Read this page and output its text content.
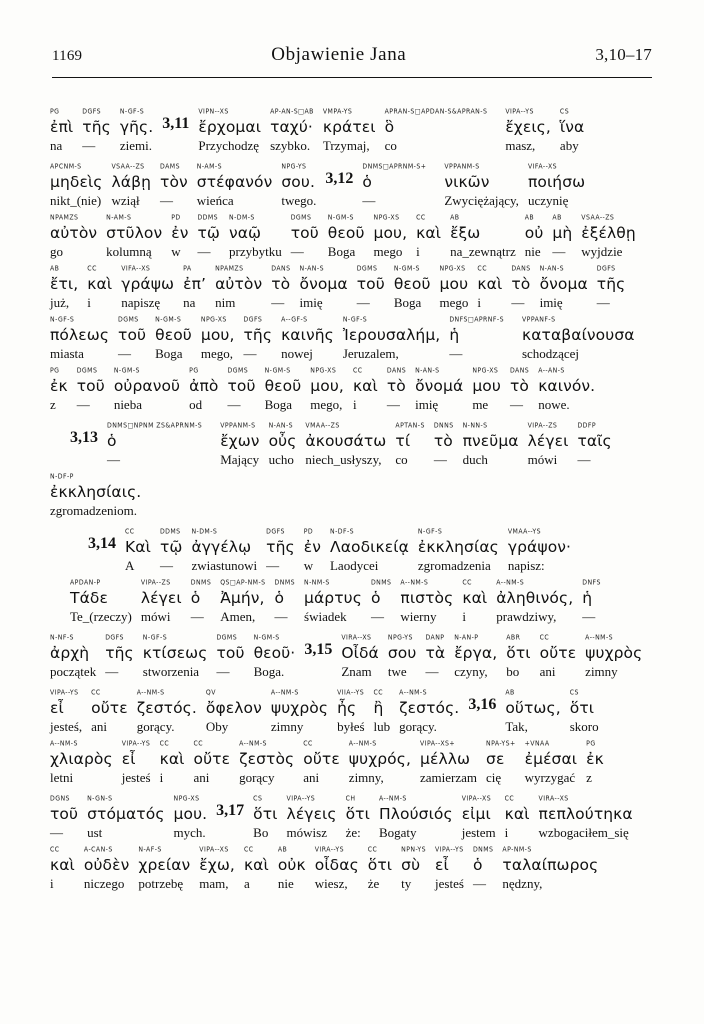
1169	Objawienie Jana	3,10–17
PG
ἐπὶ
na
DGFS
τῆς
—
N-GF-S
γῆς.
ziemi.
3,11
VIPN--XS
ἔρχομαι
Przychodzę
AP-AN-S□AB
ταχύ·
szybko.
VMPA-YS
κράτει
Trzymaj,
APRAN-S□APDAN-S&APRAN-S
ὃ
co
VIPA--YS
ἔχεις,
masz,
CS
ἵνα
aby
APCNM-S
μηδεὶς
nikt_(nie)
VSAA--ZS
λάβῃ
wziął
DAMS
τὸν
—
N-AM-S
στέφανόν
wieńca
NPG-YS
σου.
twego.
3,12
DNMS□APRNM-S+
ὁ
—
VPPANM-S
νικῶν
Zwyciężający,
VIFA--XS
ποιήσω
uczynię
NPAMZS
αὐτὸν
go
N-AM-S
στῦλον
kolumną
PD
ἐν
w
DDMS
τῷ
—
N-DM-S
ναῷ
przybytku
DGMS
τοῦ
—
N-GM-S
θεοῦ
Boga
NPG-XS
μου,
mego
CC
καὶ
i
AB
ἔξω
na_zewnątrz
AB
οὐ
nie
AB
μὴ
—
VSAA--ZS
ἐξέλθῃ
wyjdzie
AB
ἔτι,
już,
CC
καὶ
i
VIFA--XS
γράψω
napiszę
PA
ἐπ’
na
NPAMZS
αὐτὸν
nim
DANS
τὸ
—
N-AN-S
ὄνομα
imię
DGMS
τοῦ
—
N-GM-S
θεοῦ
Boga
NPG-XS
μου
mego
CC
καὶ
i
DANS
τὸ
—
N-AN-S
ὄνομα
imię
DGFS
τῆς
—
N-GF-S
πόλεως
miasta
DGMS
τοῦ
—
N-GM-S
θεοῦ
Boga
NPG-XS
μου,
mego,
DGFS
τῆς
—
A--GF-S
καινῆς
nowej
N-GF-S
Ἰερουσαλήμ,
Jeruzalem,
DNFS□APRNF-S
ἡ
—
VPPANF-S
καταβαίνουσα
schodzącej
PG
ἐκ
z
DGMS
τοῦ
—
N-GM-S
οὐρανοῦ
nieba
PG
ἀπὸ
od
DGMS
τοῦ
—
N-GM-S
θεοῦ
Boga
NPG-XS
μου,
mego,
CC
καὶ
i
DANS
τὸ
—
N-AN-S
ὄνομά
imię
NPG-XS
μου
me
DANS
τὸ
—
A--AN-S
καινόν.
nowe.
3,13
DNMS□NPNM ZS&APRNM-S
ὁ
—
VPPANM-S
ἔχων
Mający
N-AN-S
οὖς
ucho
VMAA--ZS
ἀκουσάτω
niech_usłyszy,
APTAN-S
τί
co
DNNS
τὸ
—
N-NN-S
πνεῦμα
duch
VIPA--ZS
λέγει
mówi
DDFP
ταῖς
—
N-DF-P
ἐκκλησίαις.
zgromadzeniom.
3,14
CC
Καὶ
A
DDMS
τῷ
—
N-DM-S
ἀγγέλῳ
zwiastunowi
DGFS
τῆς
—
PD
ἐν
w
N-DF-S
Λαοδικείᾳ
Laodycei
N-GF-S
ἐκκλησίας
zgromadzenia
VMAA--YS
γράψον·
napisz:
APDAN-P
Τάδε
Te_(rzeczy)
VIPA--ZS
λέγει
mówi
DNMS
ὁ
—
QS□AP-NM-S
Ἀμήν,
Amen,
DNMS
ὁ
—
N-NM-S
μάρτυς
świadek
DNMS
ὁ
—
A--NM-S
πιστὸς
wierny
CC
καὶ
i
A--NM-S
ἀληθινός,
prawdziwy,
DNFS
ἡ
—
N-NF-S
ἀρχὴ
początek
DGFS
τῆς
—
N-GF-S
κτίσεως
stworzenia
DGMS
τοῦ
—
N-GM-S
θεοῦ·
Boga.
3,15
VIRA--XS
Οἶδά
Znam
NPG-YS
σου
twe
DANP
τὰ
—
N-AN-P
ἔργα,
czyny,
ABR
ὅτι
bo
CC
οὔτε
ani
A--NM-S
ψυχρὸς
zimny
VIPA--YS
εἶ
jesteś,
CC
οὔτε
ani
A--NM-S
ζεστός.
gorący.
QV
ὄφελον
Oby
A--NM-S
ψυχρὸς
zimny
VIIA--YS
ἦς
byłeś
CC
ἢ
lub
A--NM-S
ζεστός.
gorący.
3,16
AB
οὕτως,
Tak,
CS
ὅτι
skoro
A--NM-S
χλιαρὸς
letni
VIPA--YS
εἶ
jesteś
CC
καὶ
i
CC
οὔτε
ani
A--NM-S
ζεστὸς
gorący
CC
οὔτε
ani
A--NM-S
ψυχρός,
zimny,
VIPA--XS+
μέλλω
zamierzam
NPA-YS+
σε
cię
+VNAA
ἐμέσαι
wyrzygać
PG
ἐκ
z
DGNS
τοῦ
—
N-GN-S
στόματός
ust
NPG-XS
μου.
mych.
3,17
CS
ὅτι
Bo
VIPA--YS
λέγεις
mówisz
CH
ὅτι
że:
A--NM-S
Πλούσιός
Bogaty
VIPA--XS
εἰμι
jestem
CC
καὶ
i
VIRA--XS
πεπλούτηκα
wzbogaciłem_się
CC
καὶ
i
A-CAN-S
οὐδὲν
niczego
N-AF-S
χρείαν
potrzebę
VIPA--XS
ἔχω,
mam,
CC
καὶ
a
AB
οὐκ
nie
VIRA--YS
οἶδας
wiesz,
CC
ὅτι
że
NPN-YS
σὺ
ty
VIPA--YS
εἶ
jesteś
DNMS
ὁ
—
AP-NM-S
ταλαίπωρος
nędzny,
